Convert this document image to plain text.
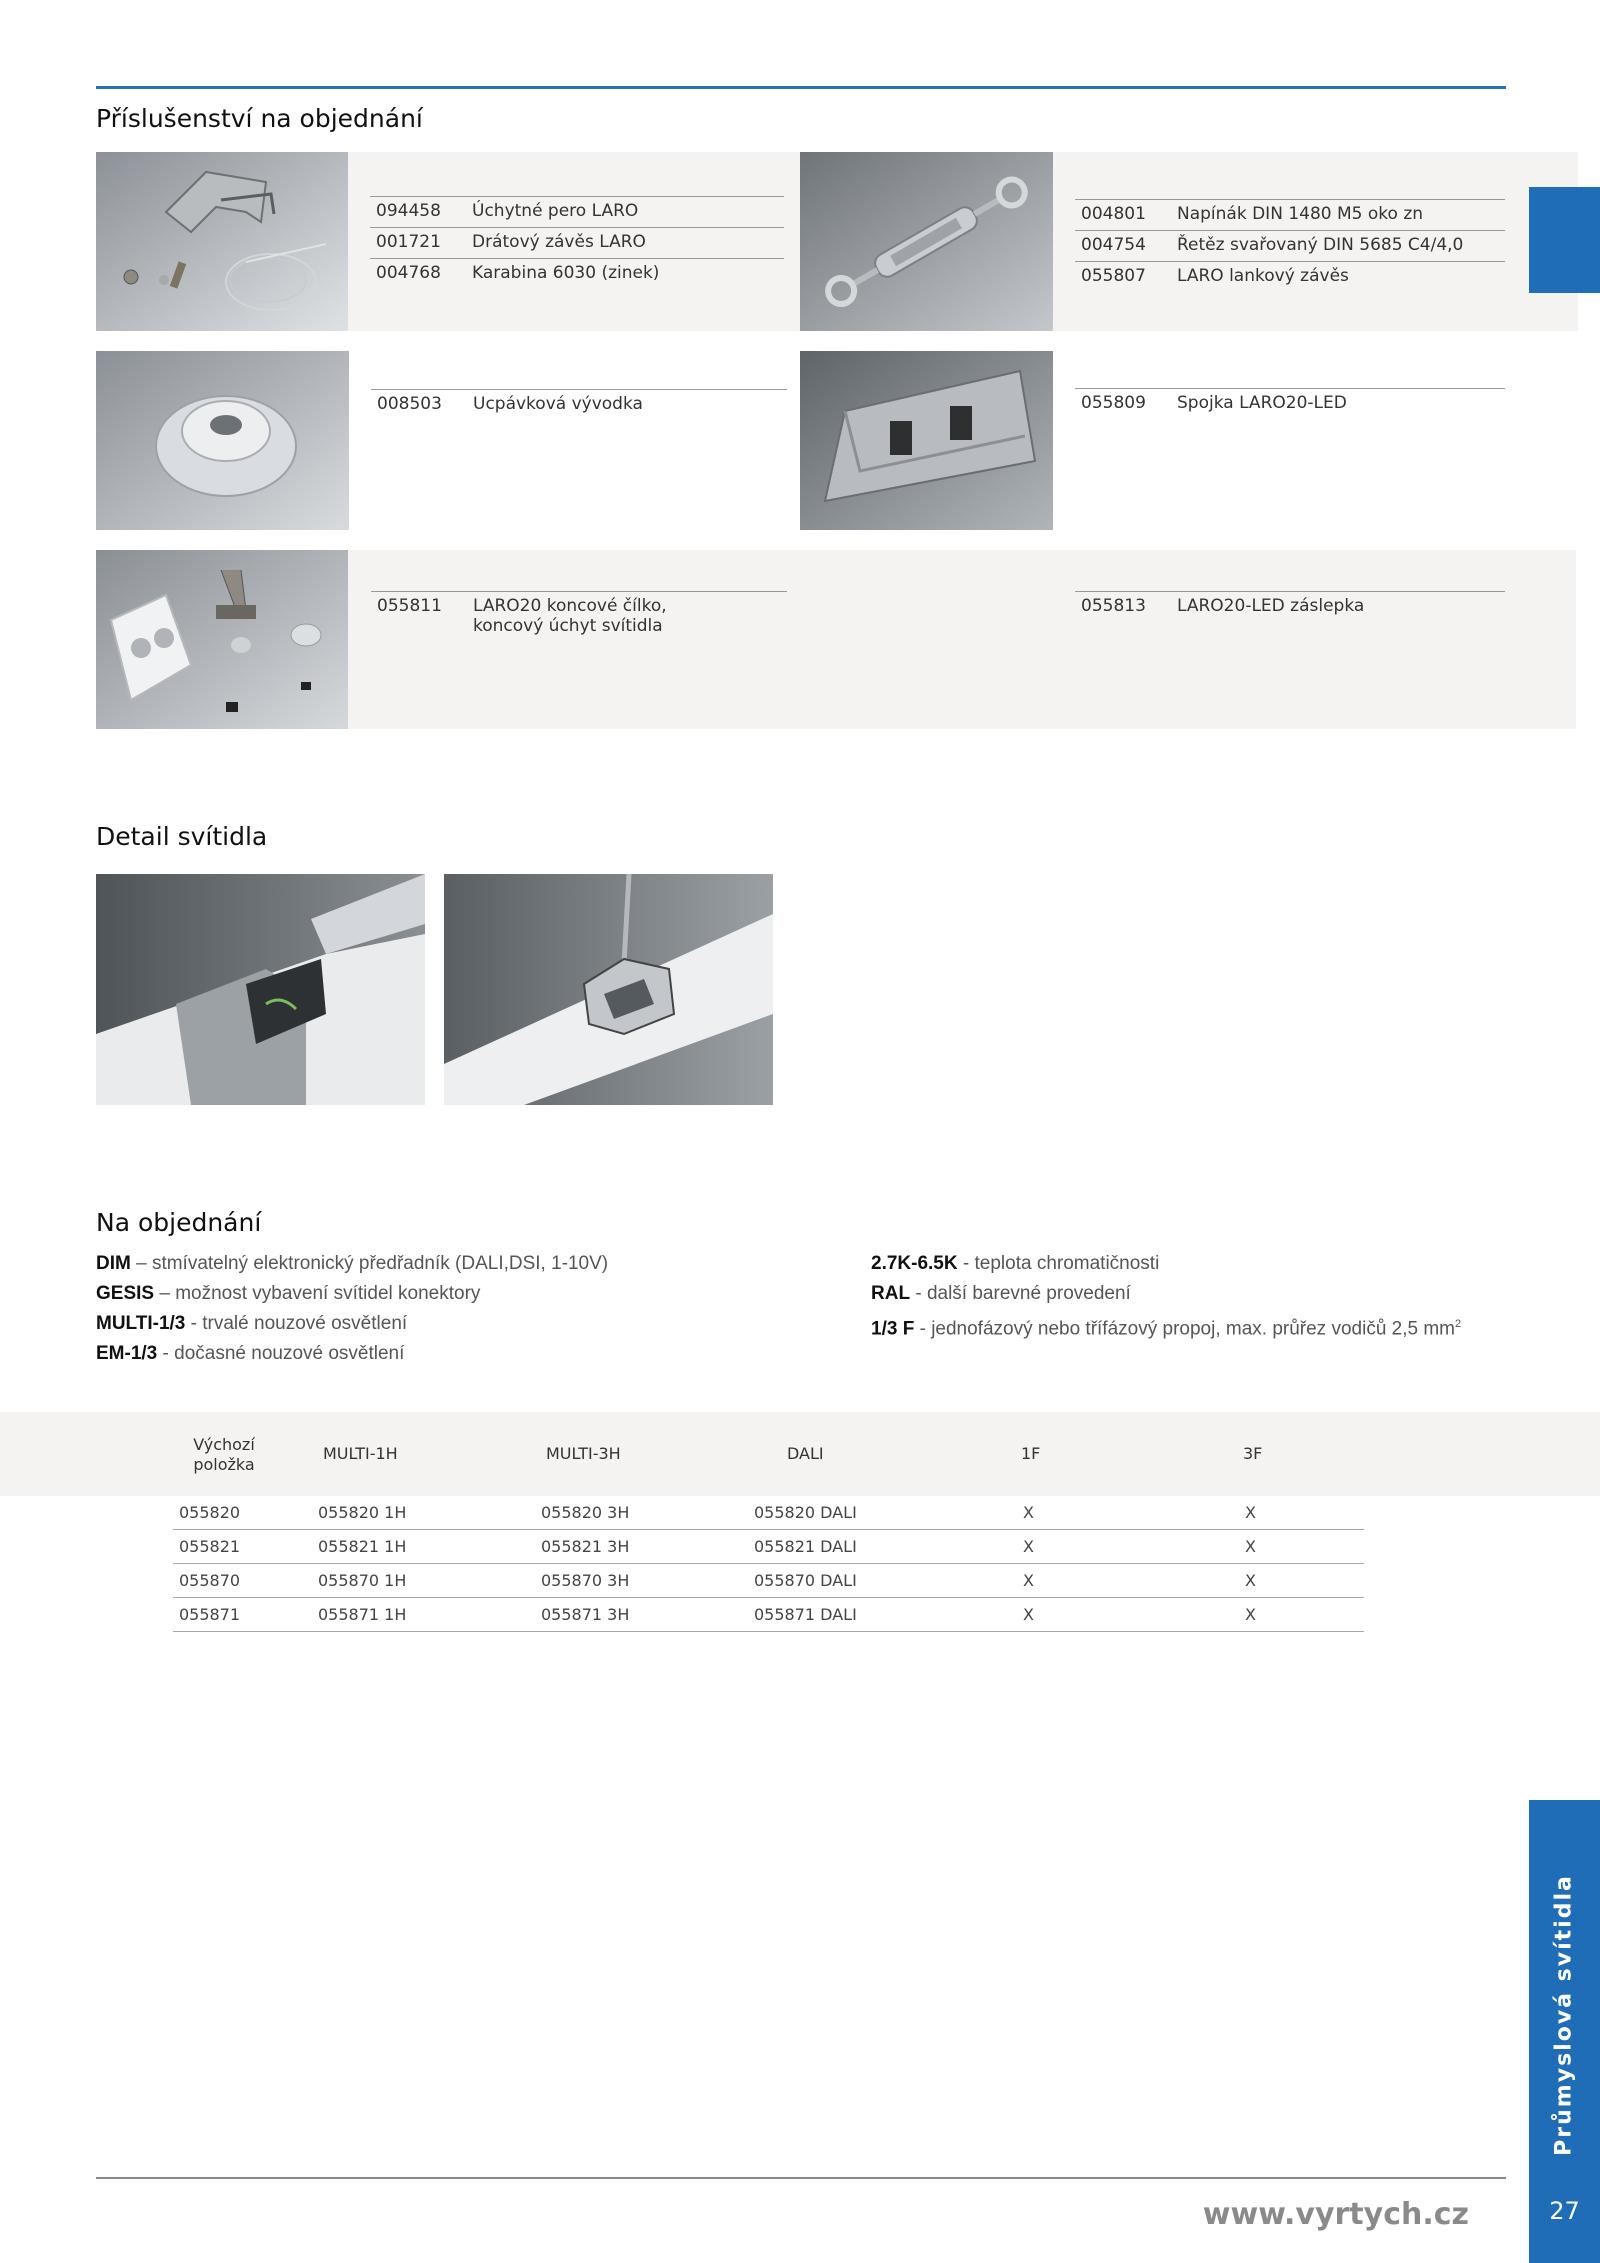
Příslušenství na objednání
094458	Úchytné pero LARO
001721	Drátový závěs LARO
004768	Karabina 6030 (zinek)
004801	Napínák DIN 1480 M5 oko zn
004754	Řetěz svařovaný DIN 5685 C4/4,0
055807	LARO lankový závěs
008503	Ucpávková vývodka	055809	Spojka LARO20-LED
055811	LARO20 koncové čílko, koncový úchyt svítidla
055813	LARO20-LED záslepka
Detail svítidla
Na objednání
DIM – stmívatelný elektronický předřadník (DALI,DSI, 1-10V)
GESIS – možnost vybavení svítidel konektory
MULTI-1/3 - trvalé nouzové osvětlení
EM-1/3 - dočasné nouzové osvětlení
2.7K-6.5K - teplota chromatičnosti
RAL - další barevné provedení
1/3 F - jednofázový nebo třífázový propoj, max. průřez vodičů 2,5 $mm^2$
Výchozí položka
MULTI-1H	MULTI-3H	DALI	1F	3F
055820	055820 1H	055820 3H	055820 DALI	X	X
055821	055821 1H	055821 3H	055821 DALI	X	X
055870	055870 1H	055870 3H	055870 DALI	X	X
055871	055871 1H	055871 3H	055871 DALI	X	X
Průmyslová svítidla
27
www.vyrtych.cz
